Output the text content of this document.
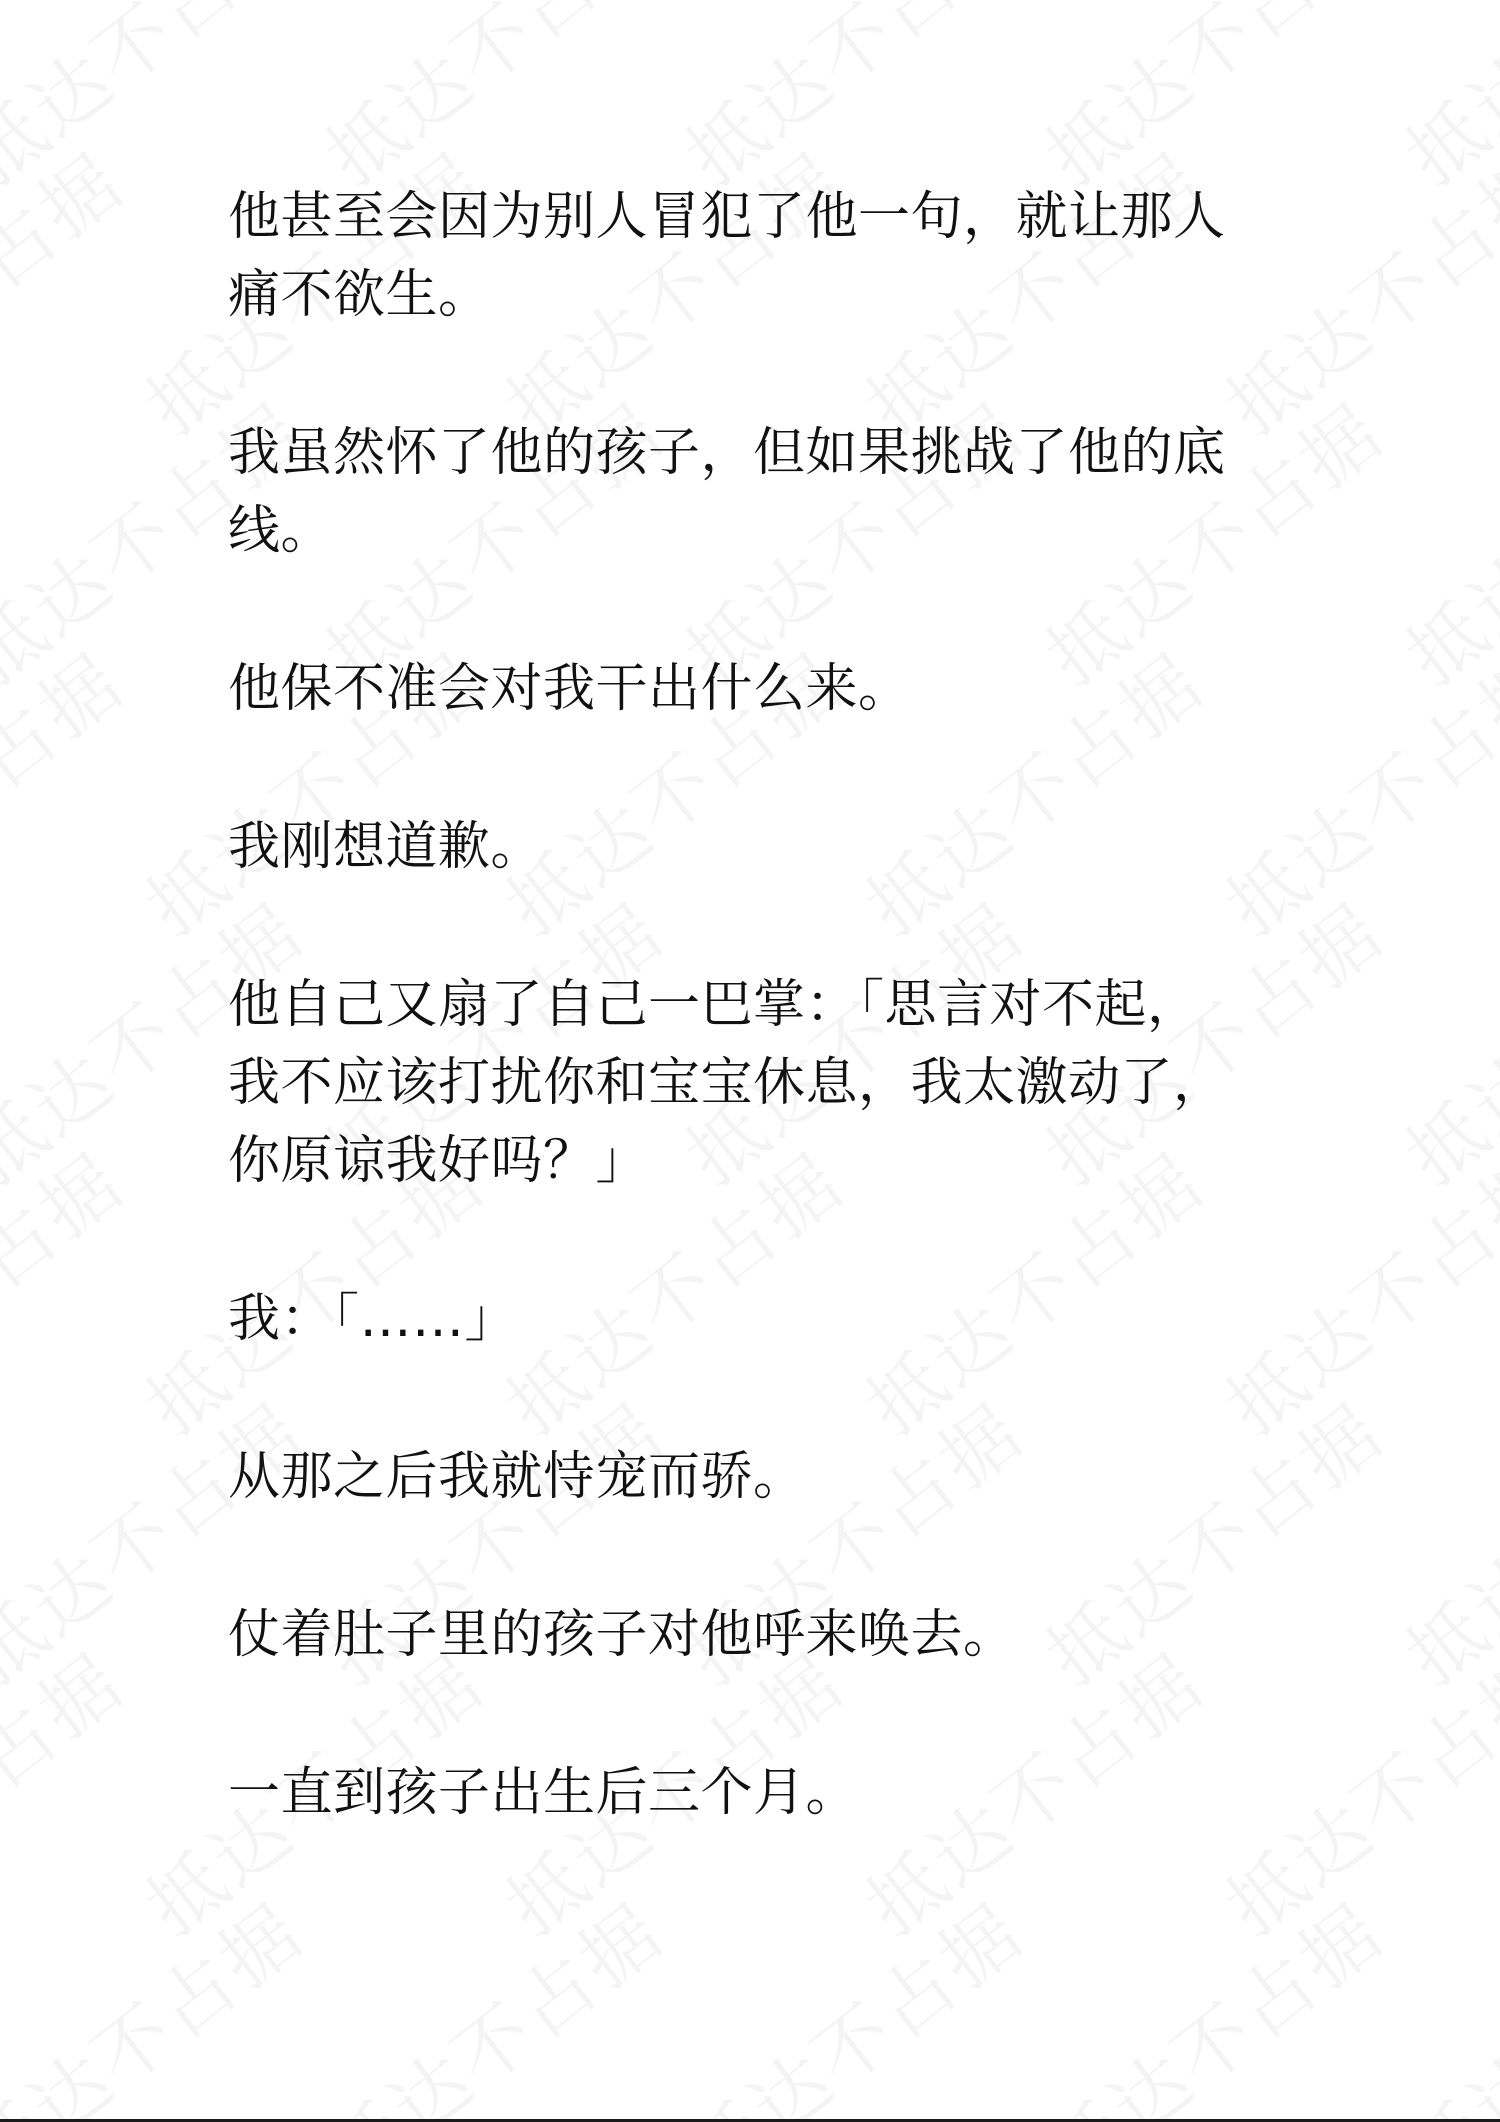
他甚至会因为别人冒犯了他一句，就让那人
痛不欲生。

我虽然怀了他的孩子，但如果挑战了他的底
线。

他保不准会对我干出什么来。

我刚想道歉。

他自己又扇了自己一巴掌：「思言对不起，
我不应该打扰你和宝宝休息，我太激动了，
你原谅我好吗？」

我：「……」

从那之后我就恃宠而骄。

仗着肚子里的孩子对他呼来唤去。

一直到孩子出生后三个月。
